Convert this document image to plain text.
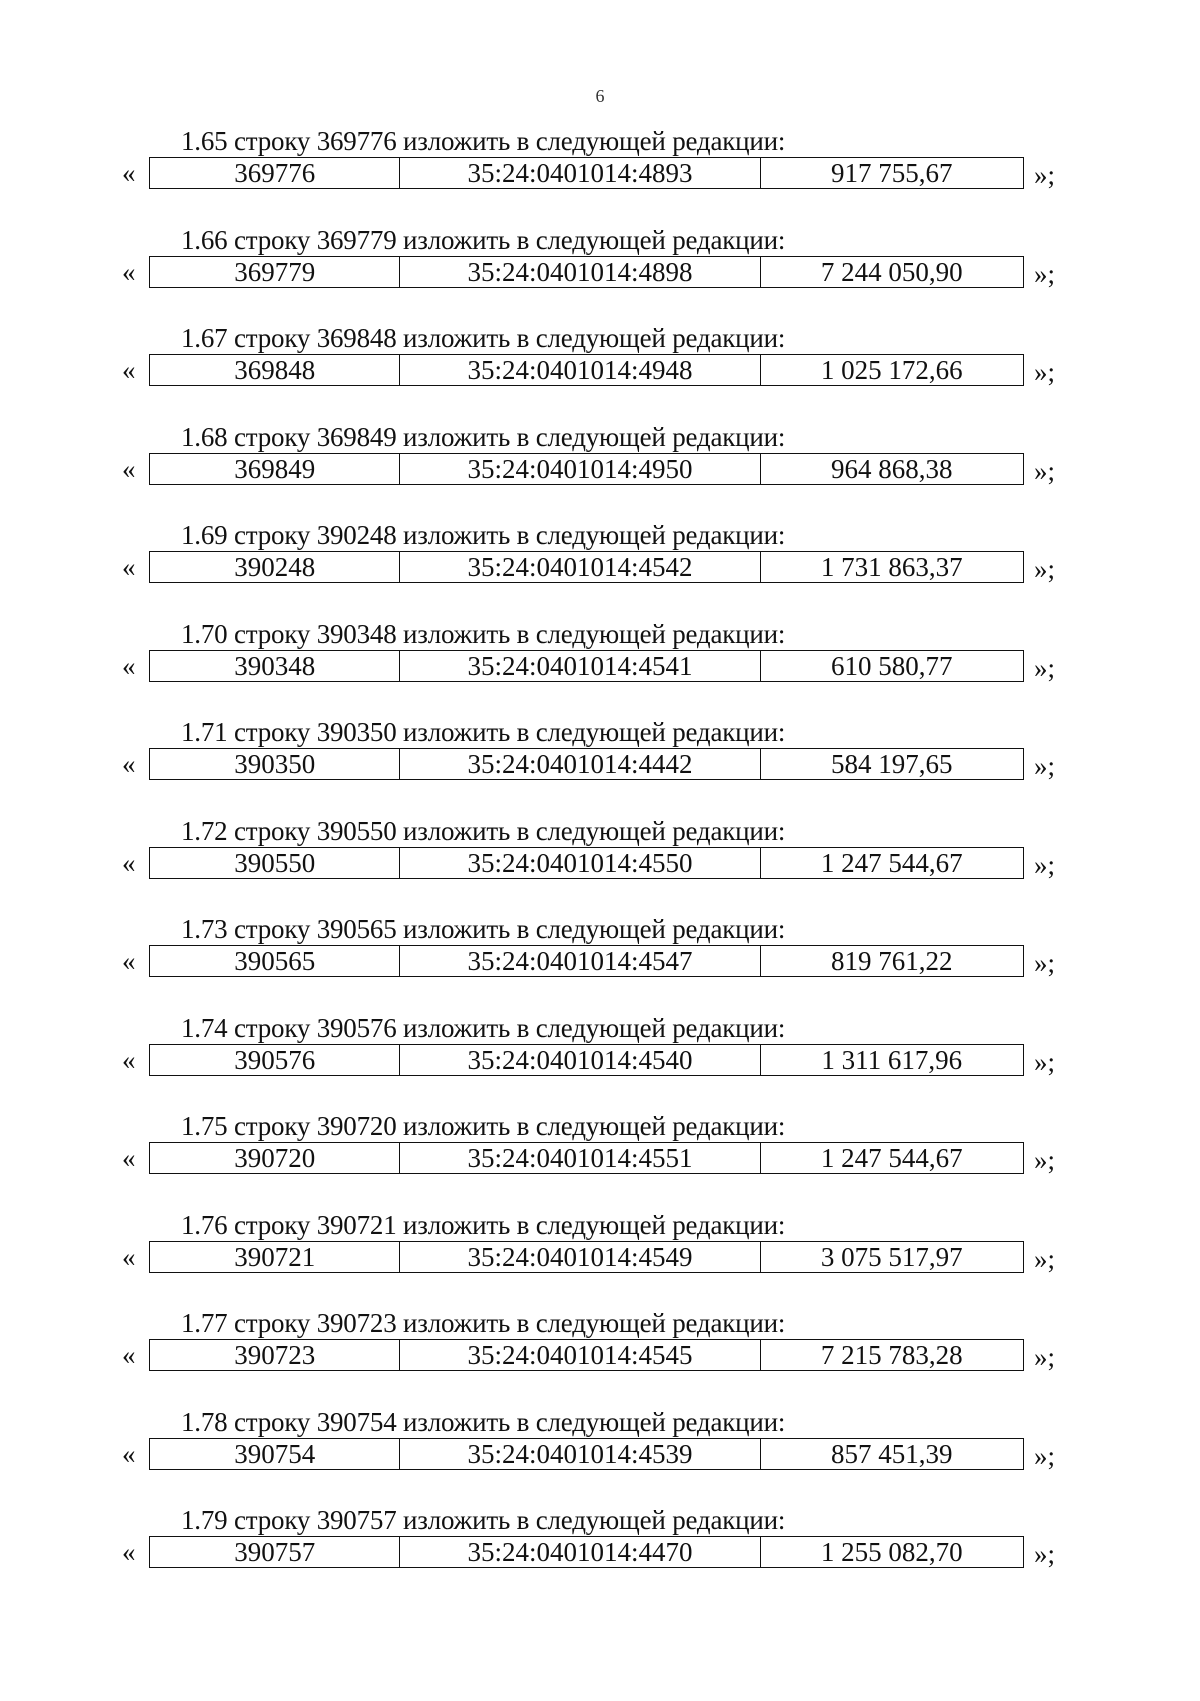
6
1.65 строку 369776 изложить в следующей редакции:
«	369776	35:24:0401014:4893	917 755,67	»;
1.66 строку 369779 изложить в следующей редакции:
«	369779	35:24:0401014:4898	7 244 050,90	»;
1.67 строку 369848 изложить в следующей редакции:
«	369848	35:24:0401014:4948	1 025 172,66	»;
1.68 строку 369849 изложить в следующей редакции:
«	369849	35:24:0401014:4950	964 868,38	»;
1.69 строку 390248 изложить в следующей редакции:
«	390248	35:24:0401014:4542	1 731 863,37	»;
1.70 строку 390348 изложить в следующей редакции:
«	390348	35:24:0401014:4541	610 580,77	»;
1.71 строку 390350 изложить в следующей редакции:
«	390350	35:24:0401014:4442	584 197,65	»;
1.72 строку 390550 изложить в следующей редакции:
«	390550	35:24:0401014:4550	1 247 544,67	»;
1.73 строку 390565 изложить в следующей редакции:
«	390565	35:24:0401014:4547	819 761,22	»;
1.74 строку 390576 изложить в следующей редакции:
«	390576	35:24:0401014:4540	1 311 617,96	»;
1.75 строку 390720 изложить в следующей редакции:
«	390720	35:24:0401014:4551	1 247 544,67	»;
1.76 строку 390721 изложить в следующей редакции:
«	390721	35:24:0401014:4549	3 075 517,97	»;
1.77 строку 390723 изложить в следующей редакции:
«	390723	35:24:0401014:4545	7 215 783,28	»;
1.78 строку 390754 изложить в следующей редакции:
«	390754	35:24:0401014:4539	857 451,39	»;
1.79 строку 390757 изложить в следующей редакции:
«	390757	35:24:0401014:4470	1 255 082,70	»;
